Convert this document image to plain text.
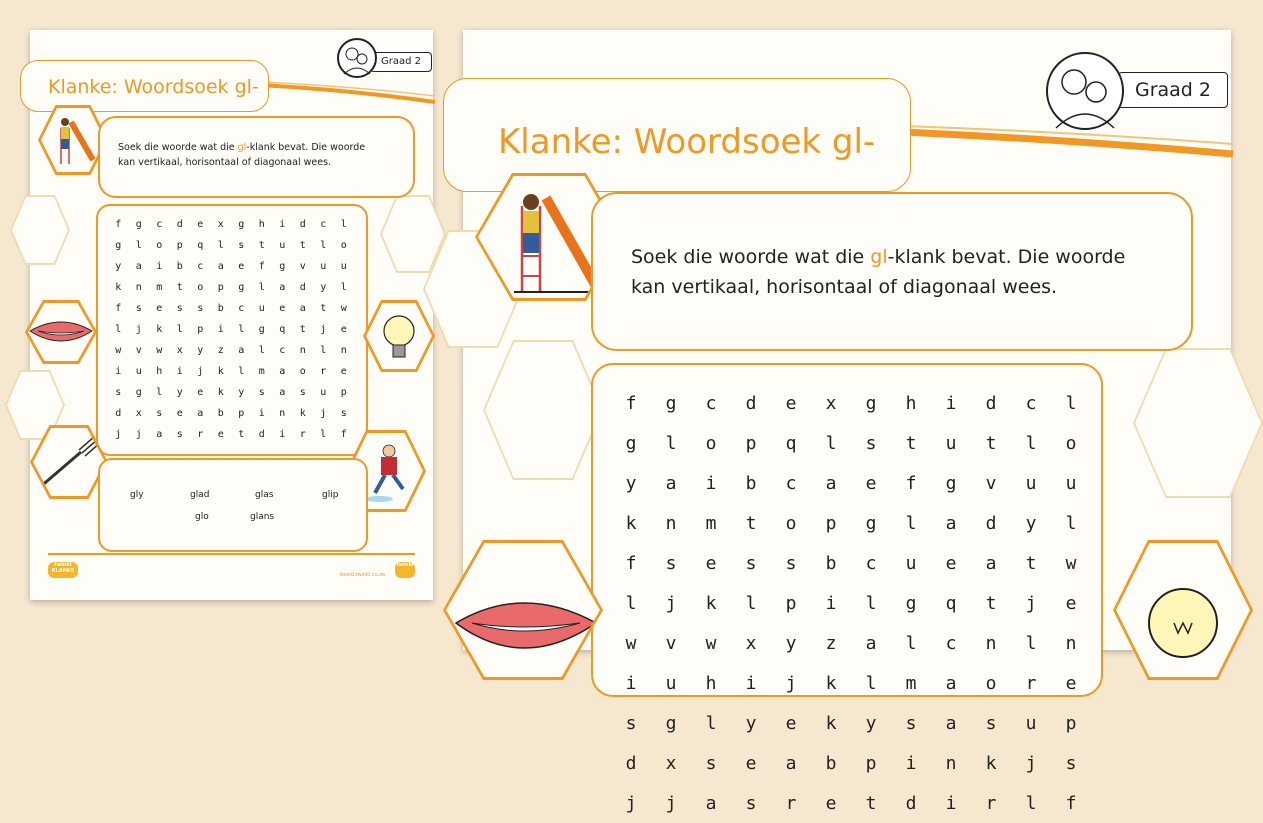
Graad 2
Klanke: Woordsoek gl-
Soek die woorde wat die gl-klank bevat. Die woorde
kan vertikaal, horisontaal of diagonaal wees.
f	g	c	d	e	x	g	h	i	d	c	l
g	l	o	p	q	l	s	t	u	t	l	o
y	a	i	b	c	a	e	f	g	v	u	u
k	n	m	t	o	p	g	l	a	d	y	l
f	s	e	s	s	b	c	u	e	a	t	w
l	j	k	l	p	i	l	g	q	t	j	e
w	v	w	x	y	z	a	l	c	n	l	n
i	u	h	i	j	k	l	m	a	o	r	e
s	g	l	y	e	k	y	s	a	s	u	p
d	x	s	e	a	b	p	i	n	k	j	s
j	j	a	s	r	e	t	d	i	r	l	f
gly	glad	glas	glip
glo	glans
twinkl
KLANKE
beeld.twinkl.co.za
twinkl
Graad 2
Klanke: Woordsoek gl-
Soek die woorde wat die gl-klank bevat. Die woorde
kan vertikaal, horisontaal of diagonaal wees.
f	g	c	d	e	x	g	h	i	d	c	l
g	l	o	p	q	l	s	t	u	t	l	o
y	a	i	b	c	a	e	f	g	v	u	u
k	n	m	t	o	p	g	l	a	d	y	l
f	s	e	s	s	b	c	u	e	a	t	w
l	j	k	l	p	i	l	g	q	t	j	e
w	v	w	x	y	z	a	l	c	n	l	n
i	u	h	i	j	k	l	m	a	o	r	e
s	g	l	y	e	k	y	s	a	s	u	p
d	x	s	e	a	b	p	i	n	k	j	s
j	j	a	s	r	e	t	d	i	r	l	f
